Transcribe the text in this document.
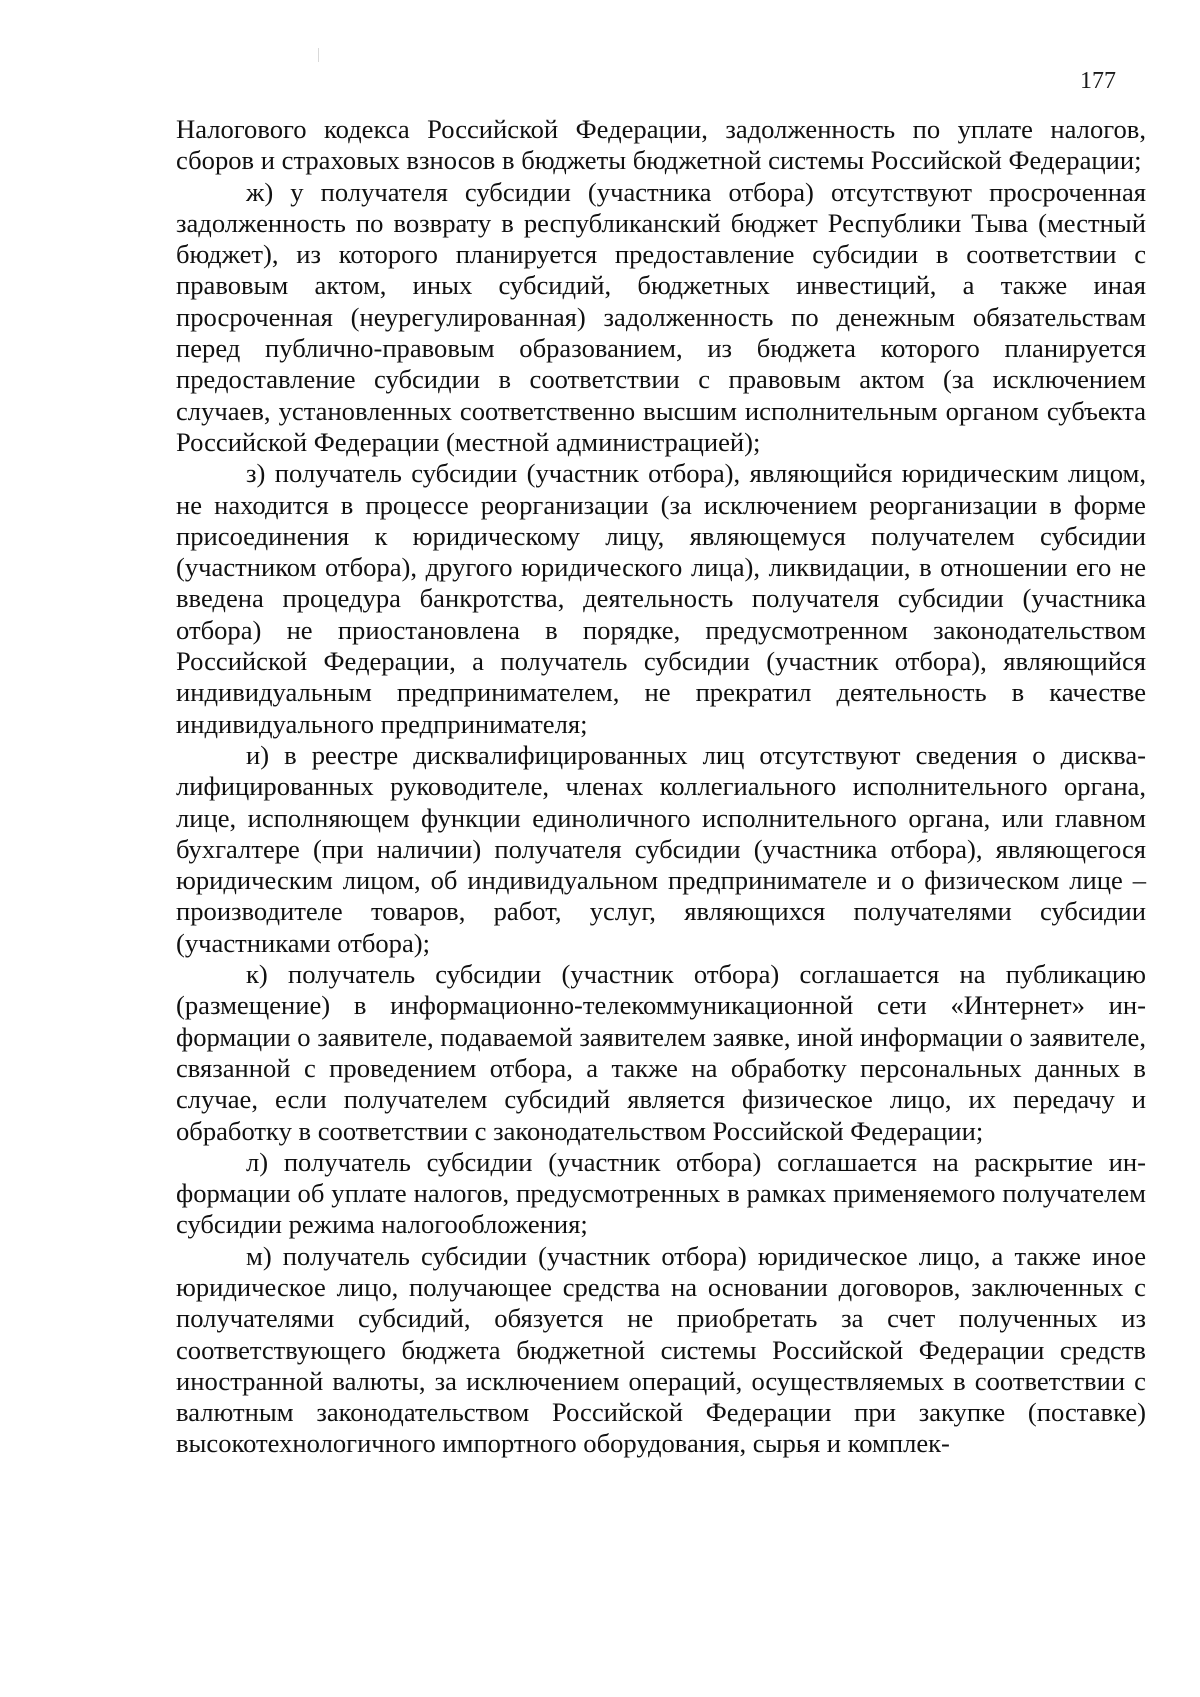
177

Налогового кодекса Российской Федерации, задолженность по уплате налогов, сборов и страховых взносов в бюджеты бюджетной системы Российской Федерации;

ж) у получателя субсидии (участника отбора) отсутствуют просроченная задолженность по возврату в республиканский бюджет Республики Тыва (местный бюджет), из которого планируется предоставление субсидии в соответствии с правовым актом, иных субсидий, бюджетных инвестиций, а также иная просроченная (неурегулированная) задолженность по денежным обязательствам перед публично-правовым образованием, из бюджета которого планируется предоставление субсидии в соответствии с правовым актом (за исключением случаев, установленных соответственно высшим исполнительным органом субъекта Российской Федерации (местной администрацией);

з) получатель субсидии (участник отбора), являющийся юридическим лицом, не находится в процессе реорганизации (за исключением реорганизации в форме присоединения к юридическому лицу, являющемуся получателем субсидии (участником отбора), другого юридического лица), ликвидации, в отношении его не введена процедура банкротства, деятельность получателя субсидии (участника отбора) не приостановлена в порядке, предусмотренном законодательством Российской Федерации, а получатель субсидии (участник отбора), являющийся индивидуальным предпринимателем, не прекратил деятельность в качестве индивидуального предпринимателя;

и) в реестре дисквалифицированных лиц отсутствуют сведения о дисквалифицированных руководителе, членах коллегиального исполнительного органа, лице, исполняющем функции единоличного исполнительного органа, или главном бухгалтере (при наличии) получателя субсидии (участника отбора), являющегося юридическим лицом, об индивидуальном предпринимателе и о физическом лице – производителе товаров, работ, услуг, являющихся получателями субсидии (участниками отбора);

к) получатель субсидии (участник отбора) соглашается на публикацию (размещение) в информационно-телекоммуникационной сети «Интернет» информации о заявителе, подаваемой заявителем заявке, иной информации о заявителе, связанной с проведением отбора, а также на обработку персональных данных в случае, если получателем субсидий является физическое лицо, их передачу и обработку в соответствии с законодательством Российской Федерации;

л) получатель субсидии (участник отбора) соглашается на раскрытие информации об уплате налогов, предусмотренных в рамках применяемого получателем субсидии режима налогообложения;

м) получатель субсидии (участник отбора) юридическое лицо, а также иное юридическое лицо, получающее средства на основании договоров, заключенных с получателями субсидий, обязуется не приобретать за счет полученных из соответствующего бюджета бюджетной системы Российской Федерации средств иностранной валюты, за исключением операций, осуществляемых в соответствии с валютным законодательством Российской Федерации при закупке (поставке) высокотехнологичного импортного оборудования, сырья и комплек-
